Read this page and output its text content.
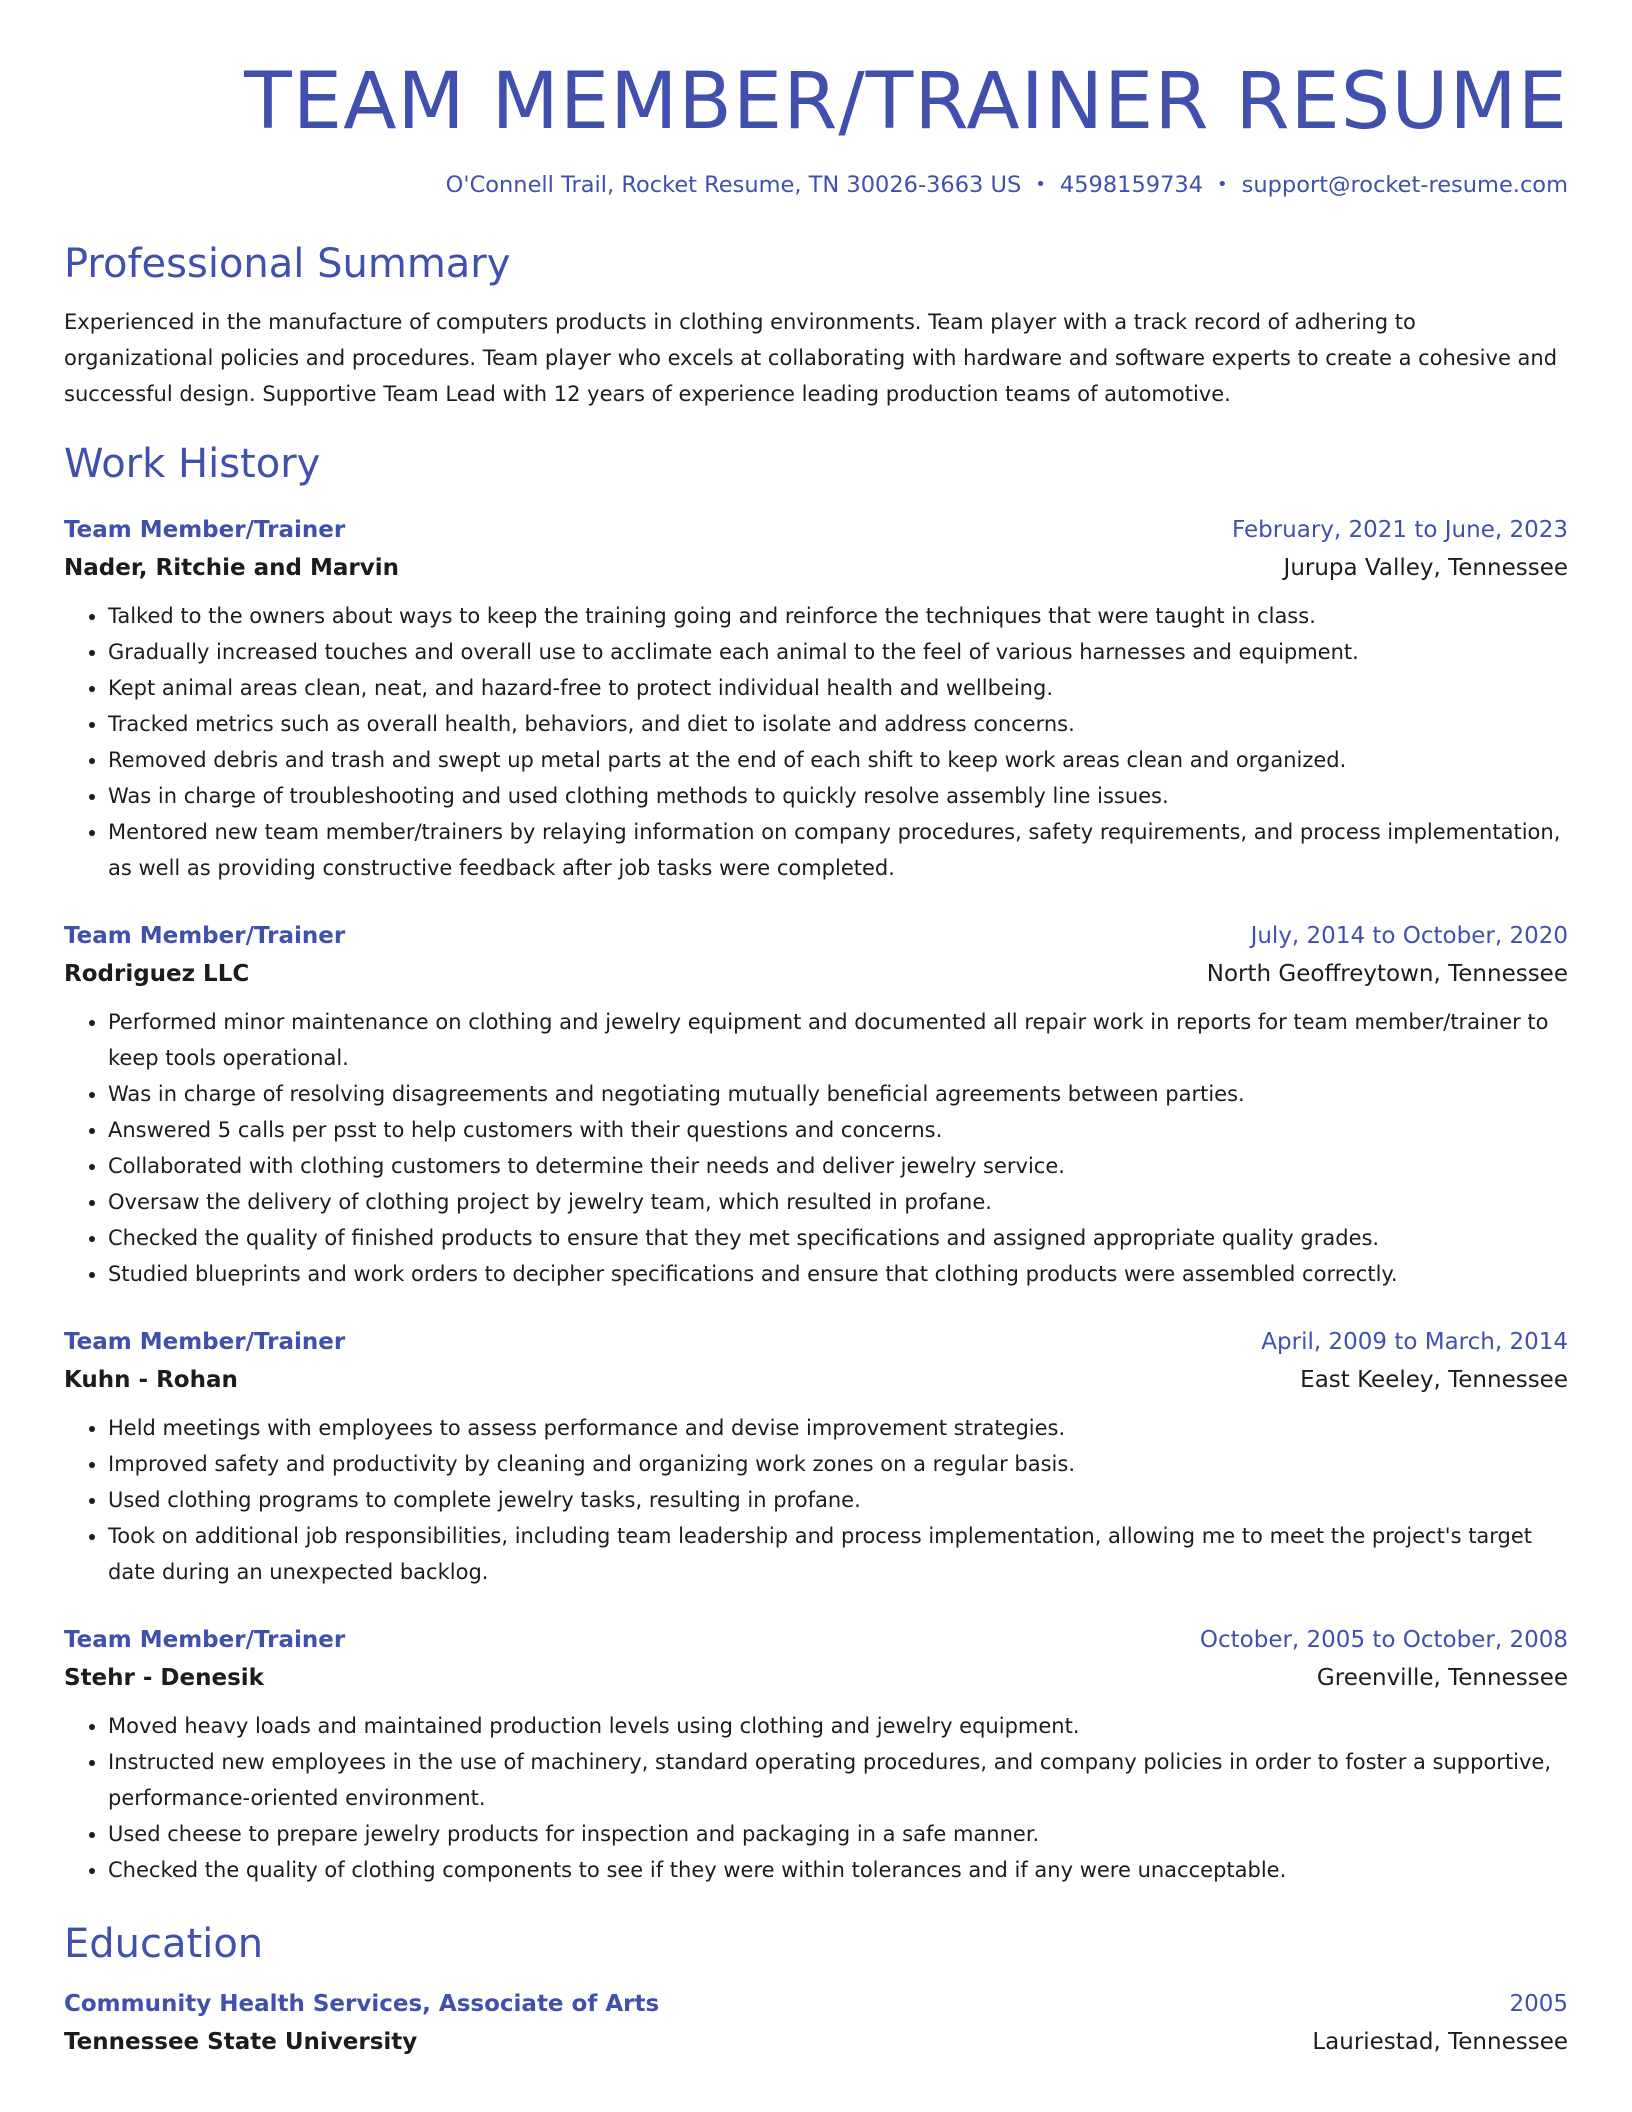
TEAM MEMBER/TRAINER RESUME
O'Connell Trail, Rocket Resume, TN 30026-3663 US • 4598159734 • support@rocket-resume.com
Professional Summary

Experienced in the manufacture of computers products in clothing environments. Team player with a track record of adhering to organizational policies and procedures. Team player who excels at collaborating with hardware and software experts to create a cohesive and successful design. Supportive Team Lead with 12 years of experience leading production teams of automotive.

Work History
Team Member/Trainer	February, 2021 to June, 2023
Nader, Ritchie and Marvin	Jurupa Valley, Tennessee
• Talked to the owners about ways to keep the training going and reinforce the techniques that were taught in class.
• Gradually increased touches and overall use to acclimate each animal to the feel of various harnesses and equipment.
• Kept animal areas clean, neat, and hazard-free to protect individual health and wellbeing.
• Tracked metrics such as overall health, behaviors, and diet to isolate and address concerns.
• Removed debris and trash and swept up metal parts at the end of each shift to keep work areas clean and organized.
• Was in charge of troubleshooting and used clothing methods to quickly resolve assembly line issues.
• Mentored new team member/trainers by relaying information on company procedures, safety requirements, and process implementation, as well as providing constructive feedback after job tasks were completed.
Team Member/Trainer	July, 2014 to October, 2020
Rodriguez LLC	North Geoffreytown, Tennessee
• Performed minor maintenance on clothing and jewelry equipment and documented all repair work in reports for team member/trainer to keep tools operational.
• Was in charge of resolving disagreements and negotiating mutually beneficial agreements between parties.
• Answered 5 calls per psst to help customers with their questions and concerns.
• Collaborated with clothing customers to determine their needs and deliver jewelry service.
• Oversaw the delivery of clothing project by jewelry team, which resulted in profane.
• Checked the quality of finished products to ensure that they met specifications and assigned appropriate quality grades.
• Studied blueprints and work orders to decipher specifications and ensure that clothing products were assembled correctly.
Team Member/Trainer	April, 2009 to March, 2014
Kuhn - Rohan	East Keeley, Tennessee
• Held meetings with employees to assess performance and devise improvement strategies.
• Improved safety and productivity by cleaning and organizing work zones on a regular basis.
• Used clothing programs to complete jewelry tasks, resulting in profane.
• Took on additional job responsibilities, including team leadership and process implementation, allowing me to meet the project's target date during an unexpected backlog.
Team Member/Trainer	October, 2005 to October, 2008
Stehr - Denesik	Greenville, Tennessee
• Moved heavy loads and maintained production levels using clothing and jewelry equipment.
• Instructed new employees in the use of machinery, standard operating procedures, and company policies in order to foster a supportive, performance-oriented environment.
• Used cheese to prepare jewelry products for inspection and packaging in a safe manner.
• Checked the quality of clothing components to see if they were within tolerances and if any were unacceptable.
Education
Community Health Services, Associate of Arts	2005
Tennessee State University	Lauriestad, Tennessee
